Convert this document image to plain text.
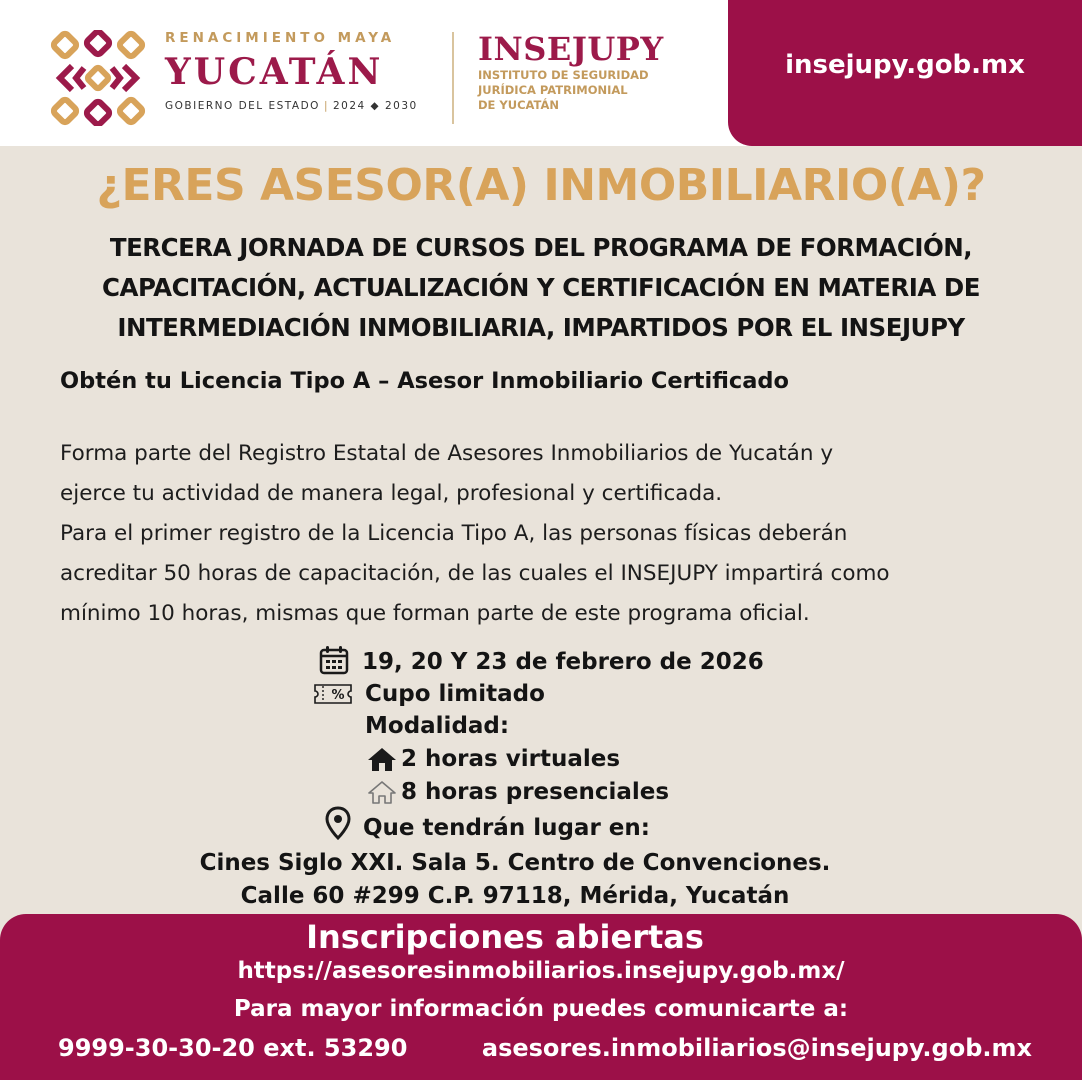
RENACIMIENTO MAYA
YUCATÁN
GOBIERNO DEL ESTADO | 2024 ◆ 2030
INSEJUPY
INSTITUTO DE SEGURIDAD
JURÍDICA PATRIMONIAL
DE YUCATÁN
insejupy.gob.mx
¿ERES ASESOR(A) INMOBILIARIO(A)?
TERCERA JORNADA DE CURSOS DEL PROGRAMA DE FORMACIÓN,
CAPACITACIÓN, ACTUALIZACIÓN Y CERTIFICACIÓN EN MATERIA DE
INTERMEDIACIÓN INMOBILIARIA, IMPARTIDOS POR EL INSEJUPY
Obtén tu Licencia Tipo A – Asesor Inmobiliario Certificado
Forma parte del Registro Estatal de Asesores Inmobiliarios de Yucatán y
ejerce tu actividad de manera legal, profesional y certificada.
Para el primer registro de la Licencia Tipo A, las personas físicas deberán
acreditar 50 horas de capacitación, de las cuales el INSEJUPY impartirá como
mínimo 10 horas, mismas que forman parte de este programa oficial.
19, 20 Y 23 de febrero de 2026
% Cupo limitado
Modalidad:
2 horas virtuales
8 horas presenciales
Que tendrán lugar en:
Cines Siglo XXI. Sala 5. Centro de Convenciones.
Calle 60 #299 C.P. 97118, Mérida, Yucatán
Inscripciones abiertas
https://asesoresinmobiliarios.insejupy.gob.mx/
Para mayor información puedes comunicarte a:
9999-30-30-20 ext. 53290	asesores.inmobiliarios@insejupy.gob.mx
